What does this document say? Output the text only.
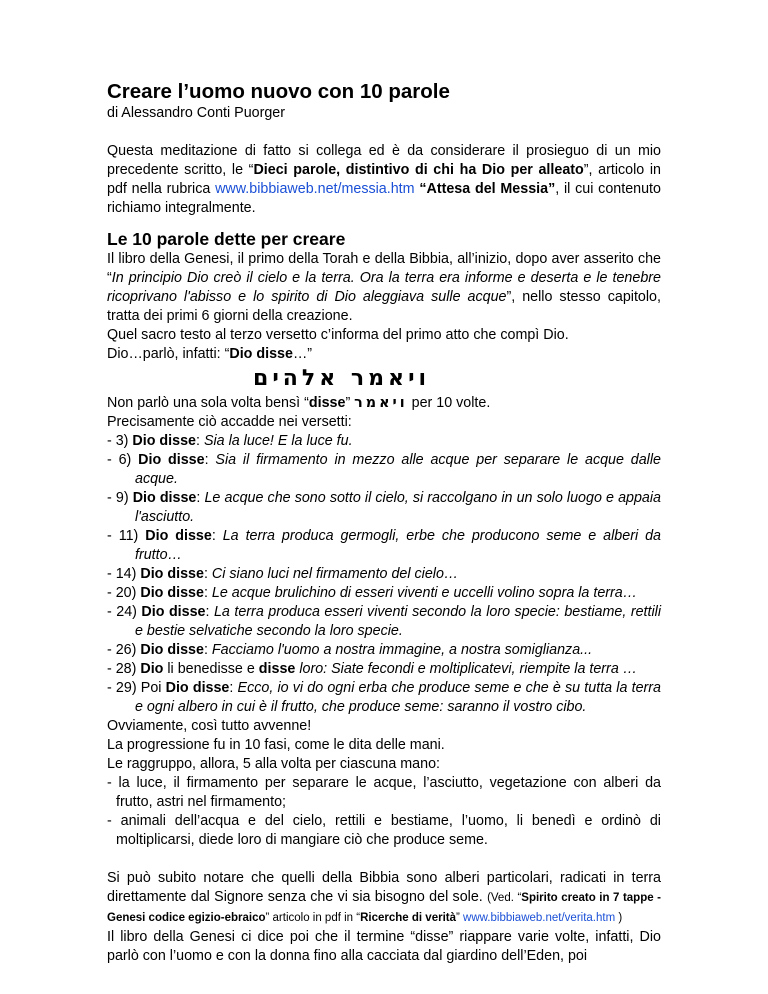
Creare l’uomo nuovo con 10 parole

di Alessandro Conti Puorger

Questa meditazione di fatto si collega ed è da considerare il prosieguo di un mio precedente scritto, le “Dieci parole, distintivo di chi ha Dio per alleato”, articolo in pdf nella rubrica www.bibbiaweb.net/messia.htm “Attesa del Messia”, il cui contenuto richiamo integralmente.

Le 10 parole dette per creare

Il libro della Genesi, il primo della Torah e della Bibbia, all’inizio, dopo aver asserito che “In principio Dio creò il cielo e la terra. Ora la terra era informe e deserta e le tenebre ricoprivano l'abisso e lo spirito di Dio aleggiava sulle acque”, nello stesso capitolo, tratta dei primi 6 giorni della creazione.

Quel sacro testo al terzo versetto c’informa del primo atto che compì Dio.

Dio…parlò, infatti: “Dio disse…”

ויאמר אלהים

Non parlò una sola volta bensì “disse” ויאמר per 10 volte.

Precisamente ciò accadde nei versetti:

- 3) Dio disse: Sia la luce! E la luce fu.

- 6) Dio disse: Sia il firmamento in mezzo alle acque per separare le acque dalle acque.

- 9) Dio disse: Le acque che sono sotto il cielo, si raccolgano in un solo luogo e appaia l'asciutto.

- 11) Dio disse: La terra produca germogli, erbe che producono seme e alberi da frutto…

- 14) Dio disse: Ci siano luci nel firmamento del cielo…

- 20) Dio disse: Le acque brulichino di esseri viventi e uccelli volino sopra la terra…

- 24) Dio disse: La terra produca esseri viventi secondo la loro specie: bestiame, rettili e bestie selvatiche secondo la loro specie.

- 26) Dio disse: Facciamo l'uomo a nostra immagine, a nostra somiglianza...

- 28) Dio li benedisse e disse loro: Siate fecondi e moltiplicatevi, riempite la terra …

- 29) Poi Dio disse: Ecco, io vi do ogni erba che produce seme e che è su tutta la terra e ogni albero in cui è il frutto, che produce seme: saranno il vostro cibo.

Ovviamente, così tutto avvenne!

La progressione fu in 10 fasi, come le dita delle mani.

Le raggruppo, allora, 5 alla volta per ciascuna mano:

- la luce, il firmamento per separare le acque, l’asciutto, vegetazione con alberi da frutto, astri nel firmamento;

- animali dell’acqua e del cielo, rettili e bestiame, l’uomo, li benedì e ordinò di moltiplicarsi, diede loro di mangiare ciò che produce seme.

Si può subito notare che quelli della Bibbia sono alberi particolari, radicati in terra direttamente dal Signore senza che vi sia bisogno del sole. (Ved. “Spirito creato in 7 tappe - Genesi codice egizio-ebraico” articolo in pdf in “Ricerche di verità” www.bibbiaweb.net/verita.htm )

Il libro della Genesi ci dice poi che il termine “disse” riappare varie volte, infatti, Dio parlò con l’uomo e con la donna fino alla cacciata dal giardino dell’Eden, poi
